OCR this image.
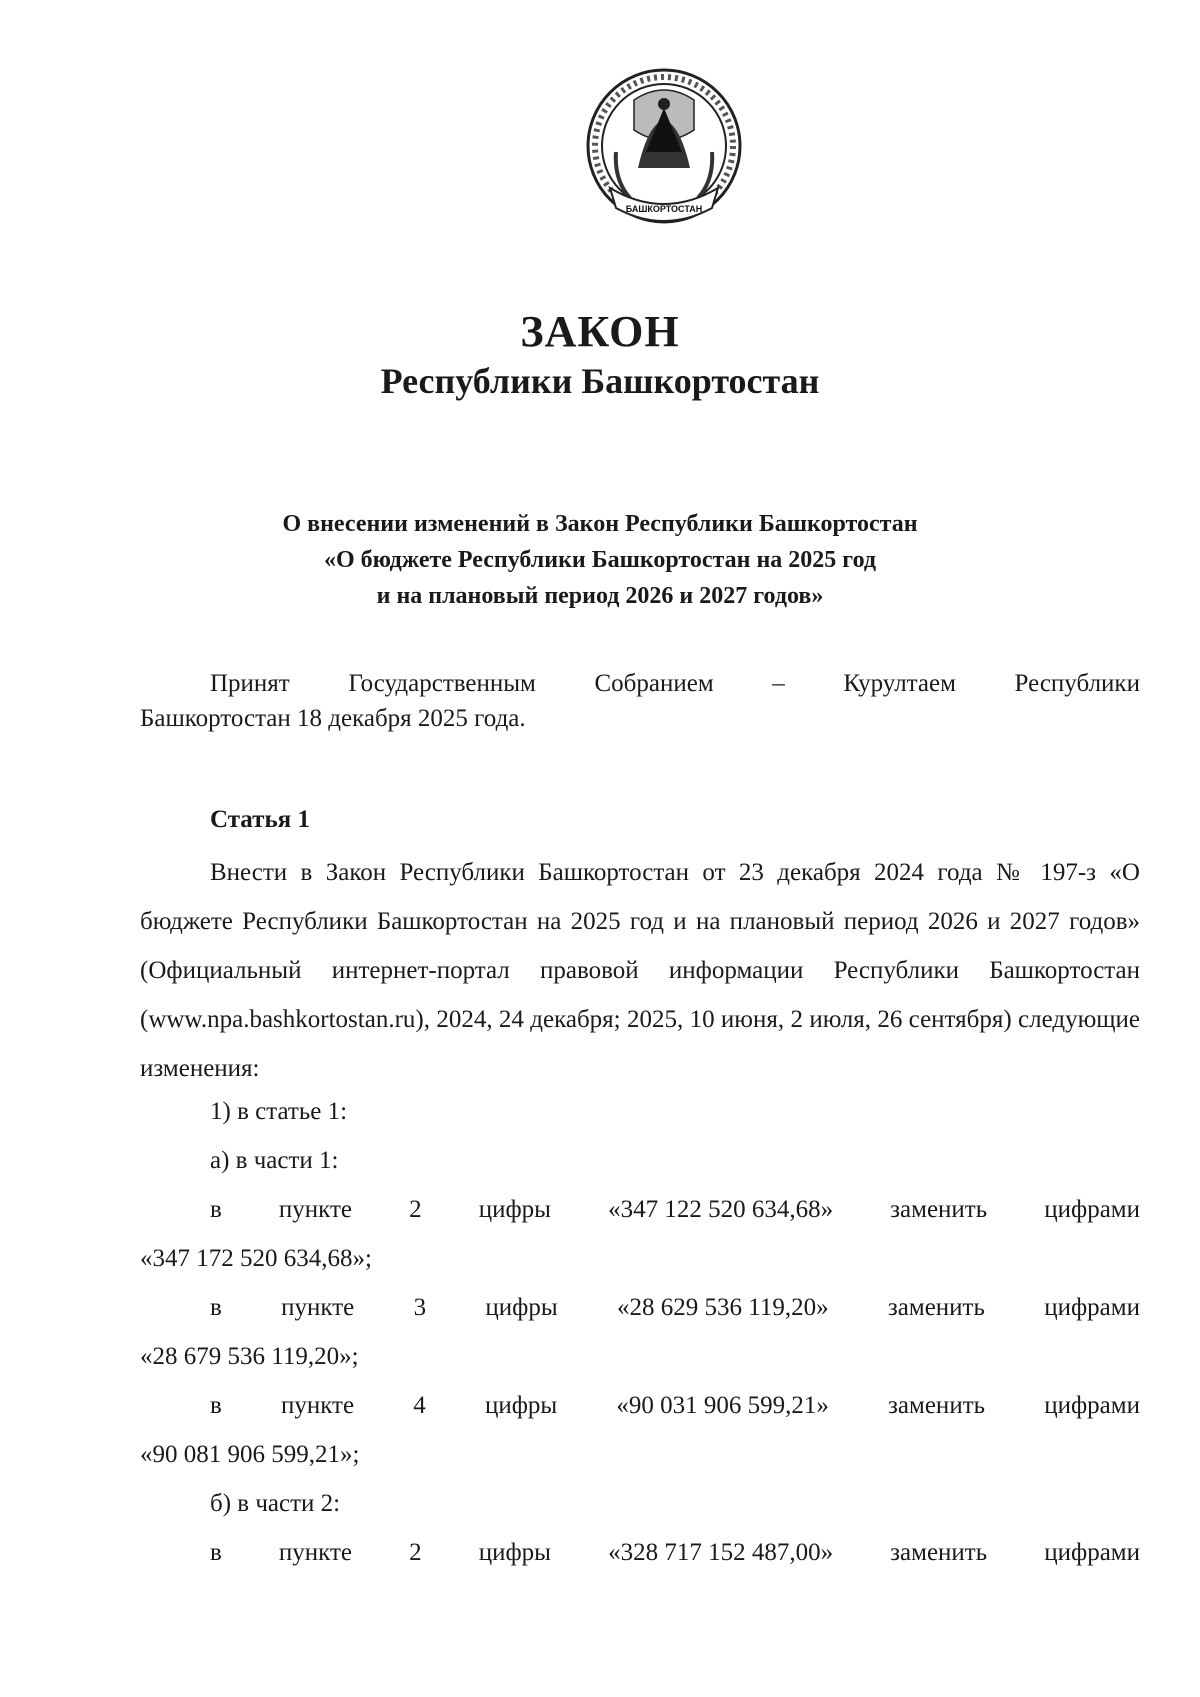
БАШКОРТОСТАН
ЗАКОН
Республики Башкортостан
О внесении изменений в Закон Республики Башкортостан
«О бюджете Республики Башкортостан на 2025 год
и на плановый период 2026 и 2027 годов»
Принят Государственным Собранием – Курултаем Республики
Башкортостан 18 декабря 2025 года.
Статья 1
Внести в Закон Республики Башкортостан от 23 декабря 2024 года № 197-з «О бюджете Республики Башкортостан на 2025 год и на плановый период 2026 и 2027 годов» (Официальный интернет-портал правовой информации Республики Башкортостан (www.npa.bashkortostan.ru), 2024, 24 декабря; 2025, 10 июня, 2 июля, 26 сентября) следующие изменения:
1) в статье 1:
а) в части 1:
в пункте 2 цифры «347 122 520 634,68» заменить цифрами
«347 172 520 634,68»;
в пункте 3 цифры «28 629 536 119,20» заменить цифрами
«28 679 536 119,20»;
в пункте 4 цифры «90 031 906 599,21» заменить цифрами
«90 081 906 599,21»;
б) в части 2:
в пункте 2 цифры «328 717 152 487,00» заменить цифрами
